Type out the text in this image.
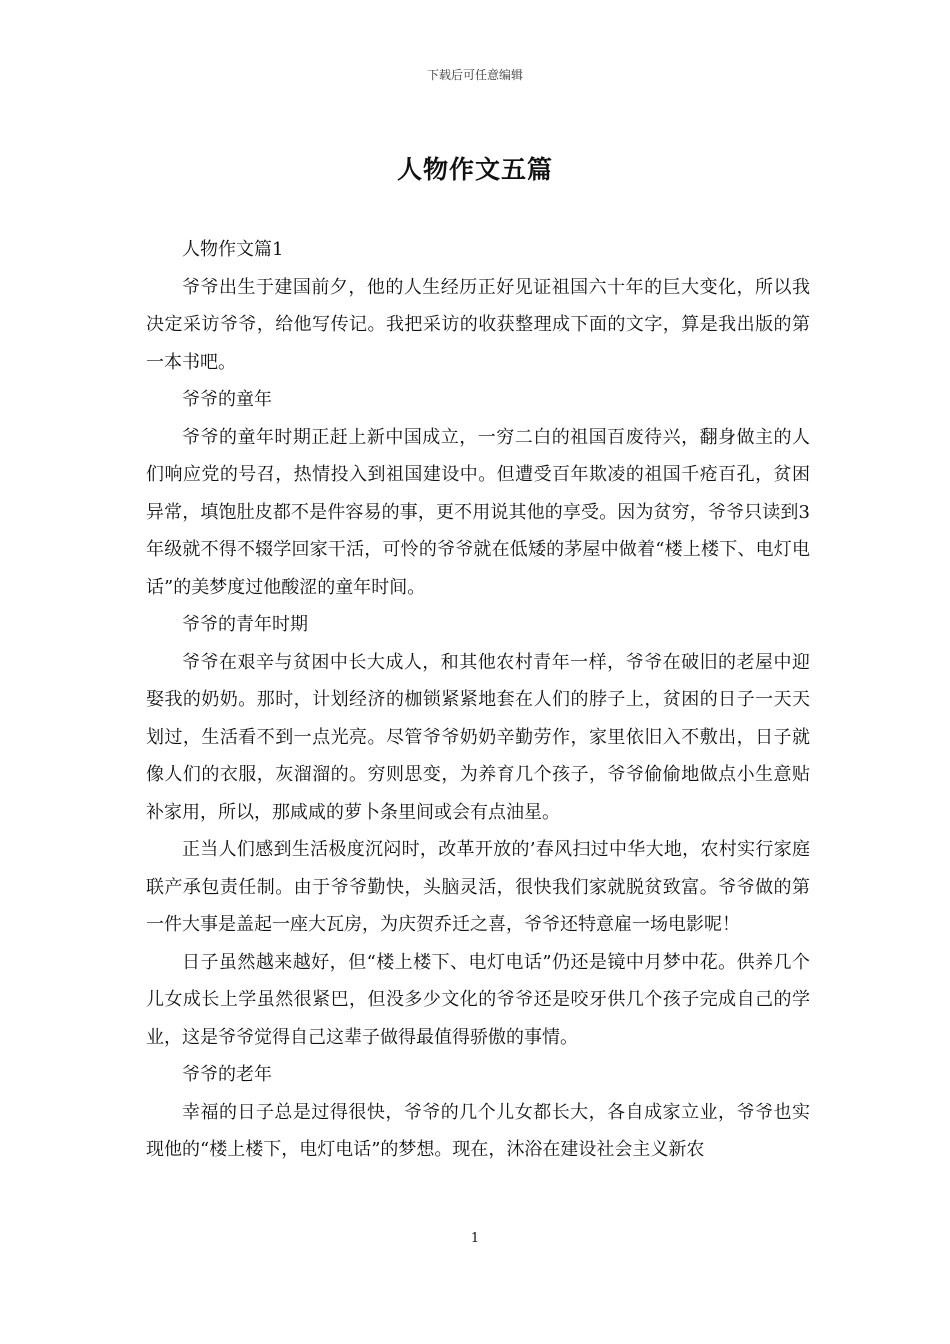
下载后可任意编辑
人物作文五篇

人物作文篇1

爷爷出生于建国前夕，他的人生经历正好见证祖国六十年的巨大变化，所以我决定采访爷爷，给他写传记。我把采访的收获整理成下面的文字，算是我出版的第一本书吧。

爷爷的童年

爷爷的童年时期正赶上新中国成立，一穷二白的祖国百废待兴，翻身做主的人们响应党的号召，热情投入到祖国建设中。但遭受百年欺凌的祖国千疮百孔，贫困异常，填饱肚皮都不是件容易的事，更不用说其他的享受。因为贫穷，爷爷只读到3年级就不得不辍学回家干活，可怜的爷爷就在低矮的茅屋中做着“楼上楼下、电灯电话”的美梦度过他酸涩的童年时间。

爷爷的青年时期

爷爷在艰辛与贫困中长大成人，和其他农村青年一样，爷爷在破旧的老屋中迎娶我的奶奶。那时，计划经济的枷锁紧紧地套在人们的脖子上，贫困的日子一天天划过，生活看不到一点光亮。尽管爷爷奶奶辛勤劳作，家里依旧入不敷出，日子就像人们的衣服，灰溜溜的。穷则思变，为养育几个孩子，爷爷偷偷地做点小生意贴补家用，所以，那咸咸的萝卜条里间或会有点油星。

正当人们感到生活极度沉闷时，改革开放的’春风扫过中华大地，农村实行家庭联产承包责任制。由于爷爷勤快，头脑灵活，很快我们家就脱贫致富。爷爷做的第一件大事是盖起一座大瓦房，为庆贺乔迁之喜，爷爷还特意雇一场电影呢！

日子虽然越来越好，但“楼上楼下、电灯电话”仍还是镜中月梦中花。供养几个儿女成长上学虽然很紧巴，但没多少文化的爷爷还是咬牙供几个孩子完成自己的学业，这是爷爷觉得自己这辈子做得最值得骄傲的事情。

爷爷的老年

幸福的日子总是过得很快，爷爷的几个儿女都长大，各自成家立业，爷爷也实现他的“楼上楼下，电灯电话”的梦想。现在，沐浴在建设社会主义新农

1
